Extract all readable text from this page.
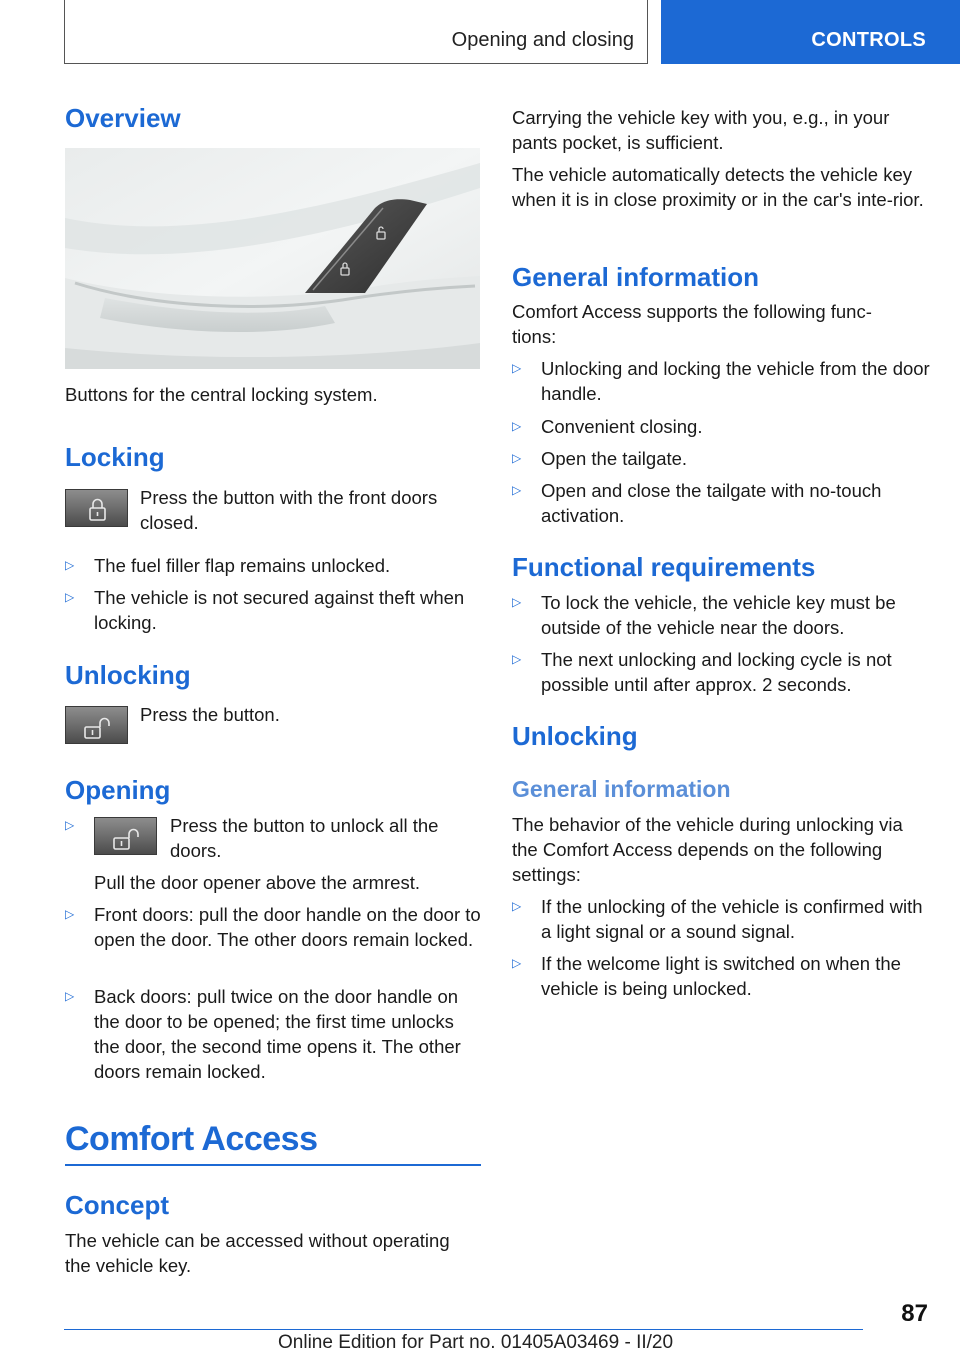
Opening and closing	CONTROLS
Overview

Buttons for the central locking system.

Locking

Press the button with the front doors closed.

▷	The fuel filler flap remains unlocked.
▷	The vehicle is not secured against theft when locking.
Unlocking

Press the button.

Opening
▷	Press the button to unlock all the doors.
Pull the door opener above the armrest.
▷	Front doors: pull the door handle on the door to open the door. The other doors remain locked.
▷	Back doors: pull twice on the door handle on the door to be opened; the first time unlocks the door, the second time opens it. The other doors remain locked.
Comfort Access
Concept

The vehicle can be accessed without operating the vehicle key.

Carrying the vehicle key with you, e.g., in your pants pocket, is sufficient.

The vehicle automatically detects the vehicle key when it is in close proximity or in the car's inte-rior.

General information

Comfort Access supports the following func-tions:

▷	Unlocking and locking the vehicle from the door handle.
▷	Convenient closing.
▷	Open the tailgate.
▷	Open and close the tailgate with no-touch activation.
Functional requirements
▷	To lock the vehicle, the vehicle key must be outside of the vehicle near the doors.
▷	The next unlocking and locking cycle is not possible until after approx. 2 seconds.
Unlocking
General information

The behavior of the vehicle during unlocking via the Comfort Access depends on the following settings:

▷	If the unlocking of the vehicle is confirmed with a light signal or a sound signal.
▷	If the welcome light is switched on when the vehicle is being unlocked.
87
Online Edition for Part no. 01405A03469 - II/20
